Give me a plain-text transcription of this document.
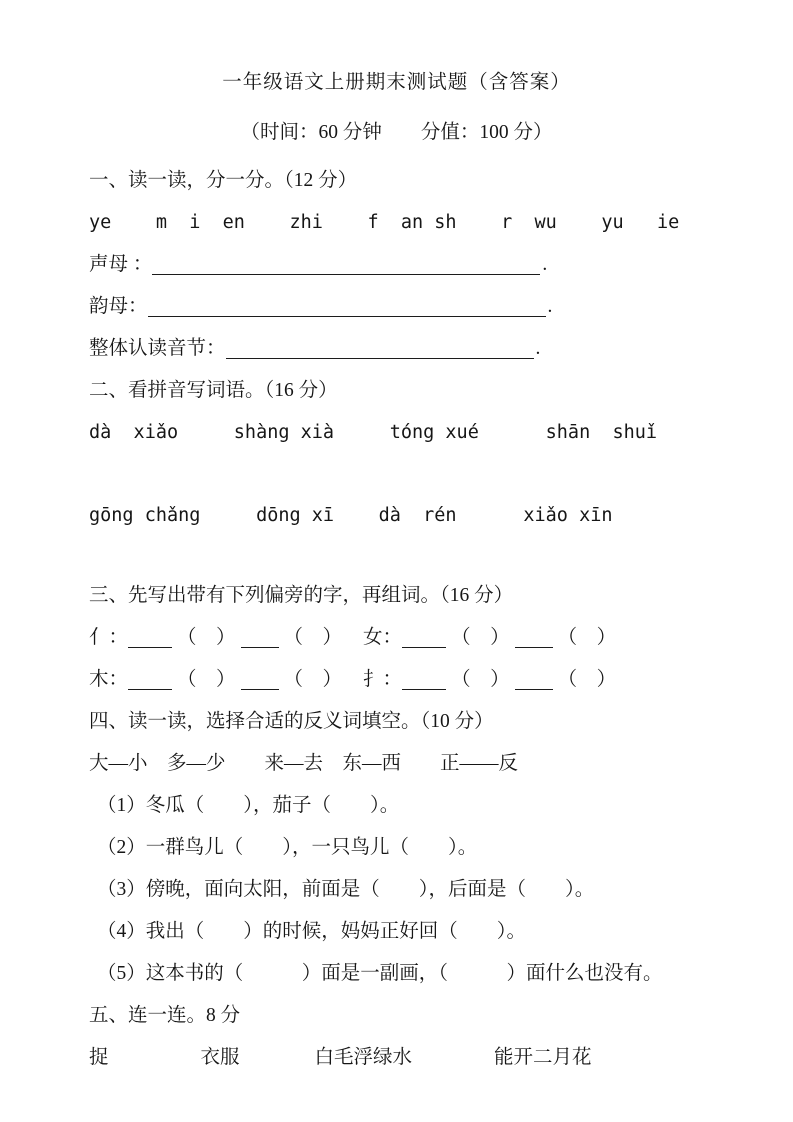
一年级语文上册期末测试题（含答案）
（时间：60 分钟　　分值：100 分）
一、读一读，分一分。（12 分）
ye    m  i  en    zhi    f  an sh    r  wu    yu   ie
声母 ：	.
韵母：	.
整体认读音节：	.
二、看拼音写词语。（16 分）
dà  xiǎo     shàng xià     tóng xué      shān  shuǐ
gōng chǎng     dōng xī    dà  rén      xiǎo xīn
三、先写出带有下列偏旁的字，再组词。（16 分）
亻：	（　） （　） 女：	（　） （　）
木：	（　） （　） 扌：	（　） （　）
四、读一读，选择合适的反义词填空。（10 分）
大—小　多—少　　来—去　东—西　　正——反
（1）冬瓜（　　），茄子（　　）。
（2）一群鸟儿（　　），一只鸟儿（　　）。
（3）傍晚，面向太阳，前面是（　　），后面是（　　）。
（4）我出（　　）的时候，妈妈正好回（　　）。
（5）这本书的（　　　）面是一副画，（　　　）面什么也没有。
五、连一连。8 分
捉	衣服	白毛浮绿水	能开二月花
